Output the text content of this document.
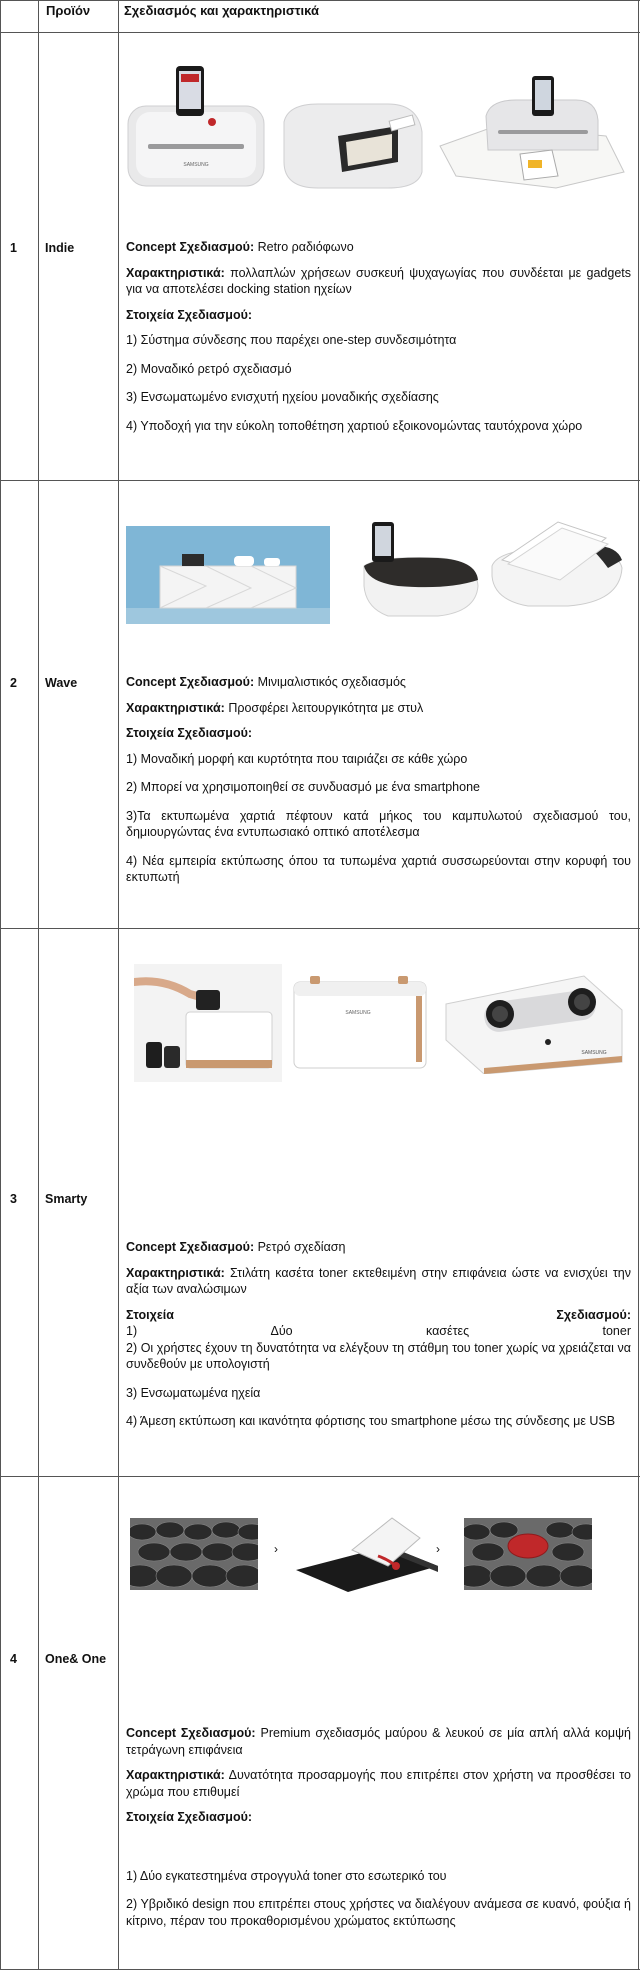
Προϊόν	Σχεδιασμός και χαρακτηριστικά
1 Indie
SAMSUNG

Concept Σχεδιασμού: Retro ραδιόφωνο

Χαρακτηριστικά: πολλαπλών χρήσεων συσκευή ψυχαγωγίας που συνδέεται με gadgets για να αποτελέσει docking station ηχείων

Στοιχεία Σχεδιασμού:

1) Σύστημα σύνδεσης που παρέχει one-step συνδεσιμότητα

2) Μοναδικό ρετρό σχεδιασμό

3) Ενσωματωμένο ενισχυτή ηχείου μοναδικής σχεδίασης

4) Υποδοχή για την εύκολη τοποθέτηση χαρτιού εξοικονομώντας ταυτόχρονα χώρο

2 Wave	Concept Σχεδιασμού: Μινιμαλιστικός σχεδιασμός

Χαρακτηριστικά: Προσφέρει λειτουργικότητα με στυλ

Στοιχεία Σχεδιασμού:

1) Μοναδική μορφή και κυρτότητα που ταιριάζει σε κάθε χώρο

2) Μπορεί να χρησιμοποιηθεί σε συνδυασμό με ένα smartphone

3)Τα εκτυπωμένα χαρτιά πέφτουν κατά μήκος του καμπυλωτού σχεδιασμού του, δημιουργώντας ένα εντυπωσιακό οπτικό αποτέλεσμα

4) Νέα εμπειρία εκτύπωσης όπου τα τυπωμένα χαρτιά συσσωρεύονται στην κορυφή του εκτυπωτή

3 Smarty
SAMSUNG
SAMSUNG

Concept Σχεδιασμού: Ρετρό σχεδίαση

Χαρακτηριστικά: Στιλάτη κασέτα toner εκτεθειμένη στην επιφάνεια ώστε να ενισχύει την αξία των αναλώσιμων

Στοιχεία	Σχεδιασμού:
1)	Δύο	κασέτες	toner

2) Οι χρήστες έχουν τη δυνατότητα να ελέγξουν τη στάθμη του toner χωρίς να χρειάζεται να συνδεθούν με υπολογιστή

3) Ενσωματωμένα ηχεία

4) Άμεση εκτύπωση και ικανότητα φόρτισης του smartphone μέσω της σύνδεσης με USB

4 One& One
›	›

Concept Σχεδιασμού: Premium σχεδιασμός μαύρου & λευκού σε μία απλή αλλά κομψή τετράγωνη επιφάνεια

Χαρακτηριστικά: Δυνατότητα προσαρμογής που επιτρέπει στον χρήστη να προσθέσει το χρώμα που επιθυμεί

Στοιχεία Σχεδιασμού:

1) Δύο εγκατεστημένα στρογγυλά toner στο εσωτερικό του

2) Υβριδικό design που επιτρέπει στους χρήστες να διαλέγουν ανάμεσα σε κυανό, φούξια ή κίτρινο, πέραν του προκαθορισμένου χρώματος εκτύπωσης
